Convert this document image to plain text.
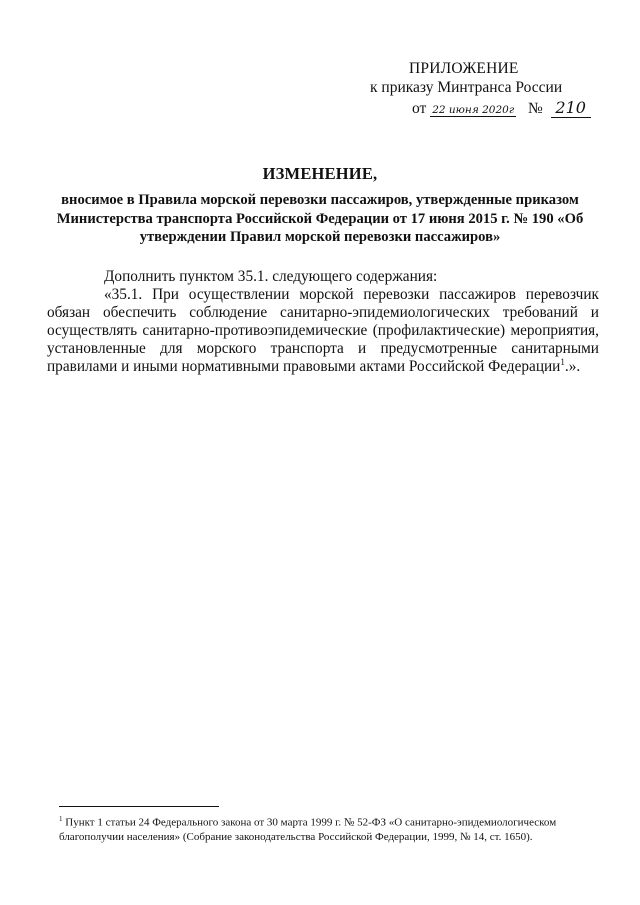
ПРИЛОЖЕНИЕ
к приказу Минтранса России
от 22 июня 2020г № 210
ИЗМЕНЕНИЕ,
вносимое в Правила морской перевозки пассажиров, утвержденные приказом Министерства транспорта Российской Федерации от 17 июня 2015 г. № 190 «Об утверждении Правил морской перевозки пассажиров»

Дополнить пунктом 35.1. следующего содержания:

«35.1. При осуществлении морской перевозки пассажиров перевозчик обязан обеспечить соблюдение санитарно-эпидемиологических требований и осуществлять санитарно-противоэпидемические (профилактические) мероприятия, установленные для морского транспорта и предусмотренные санитарными правилами и иными нормативными правовыми актами Российской Федерации$^1$.».

$^1$ Пункт 1 статьи 24 Федерального закона от 30 марта 1999 г. № 52-ФЗ «О санитарно-эпидемиологическом благополучии населения» (Собрание законодательства Российской Федерации, 1999, № 14, ст. 1650).
